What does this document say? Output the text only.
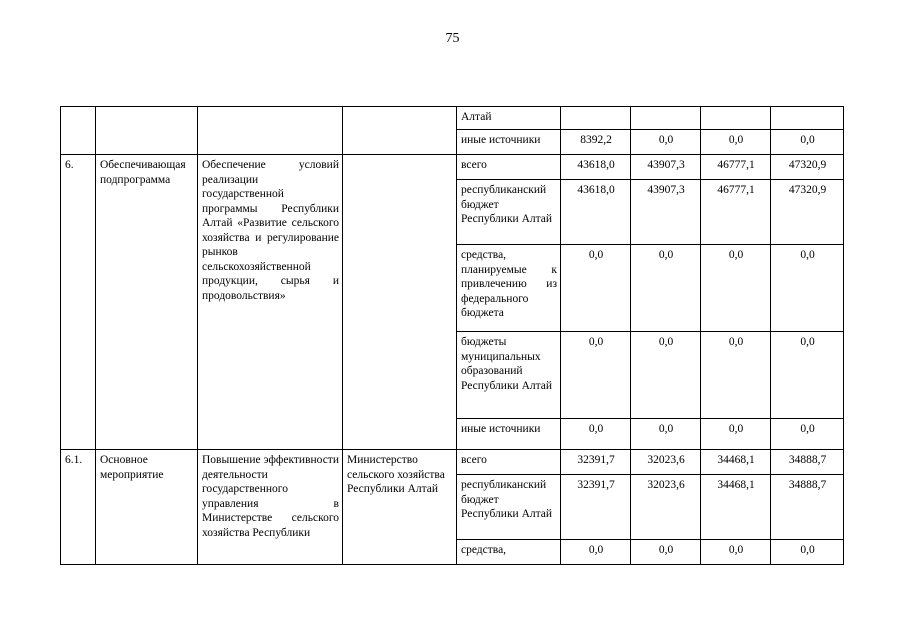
75
				Алтай				
				иные источники	8392,2	0,0	0,0	0,0
6.	Обеспечивающая подпрограмма	Обеспечение условий реализации государственной программы Республики Алтай «Развитие сельского хозяйства и регулирование рынков сельскохозяйственной продукции, сырья и продовольствия»		всего	43618,0	43907,3	46777,1	47320,9
				республиканский бюджет Республики Алтай	43618,0	43907,3	46777,1	47320,9
				средства, планируемые к привлечению из федерального бюджета	0,0	0,0	0,0	0,0
				бюджеты муниципальных образований Республики Алтай	0,0	0,0	0,0	0,0
				иные источники	0,0	0,0	0,0	0,0
6.1.	Основное мероприятие	Повышение эффективности деятельности государственного управления в Министерстве сельского хозяйства Республики	Министерство сельского хозяйства Республики Алтай	всего	32391,7	32023,6	34468,1	34888,7
				республиканский бюджет Республики Алтай	32391,7	32023,6	34468,1	34888,7
				средства,	0,0	0,0	0,0	0,0
